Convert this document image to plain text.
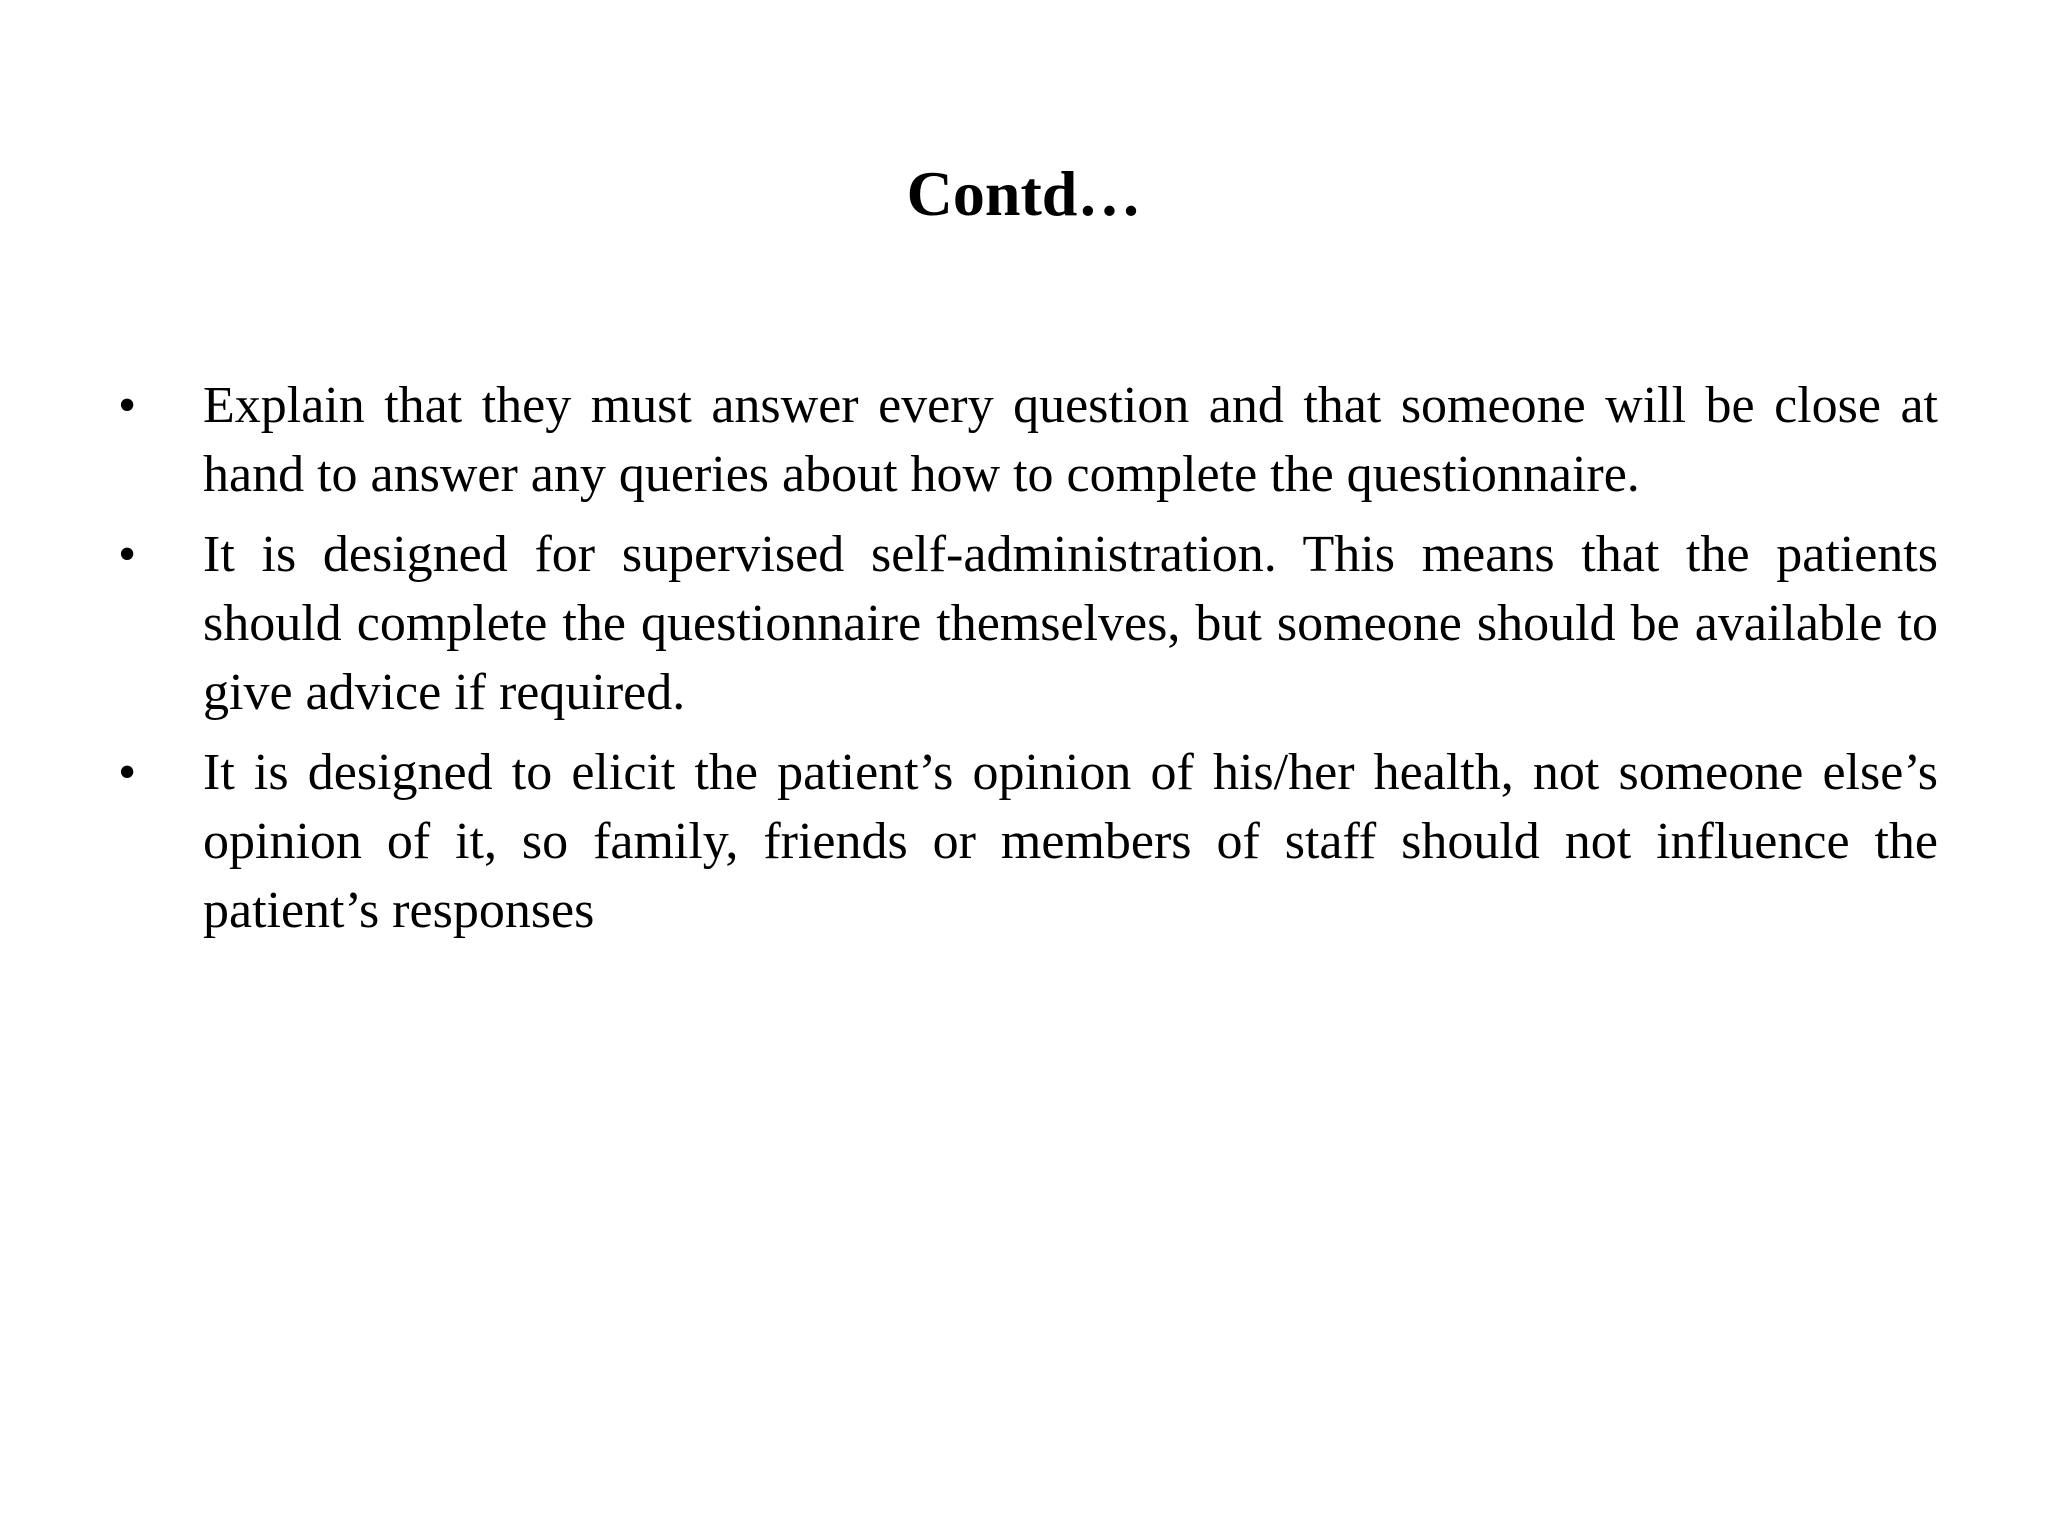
Contd…
• Explain that they must answer every question and that someone will be close at hand to answer any queries about how to complete the questionnaire.
• It is designed for supervised self-administration. This means that the patients should complete the questionnaire themselves, but someone should be available to give advice if required.
• It is designed to elicit the patient’s opinion of his/her health, not someone else’s opinion of it, so family, friends or members of staff should not influence the patient’s responses
